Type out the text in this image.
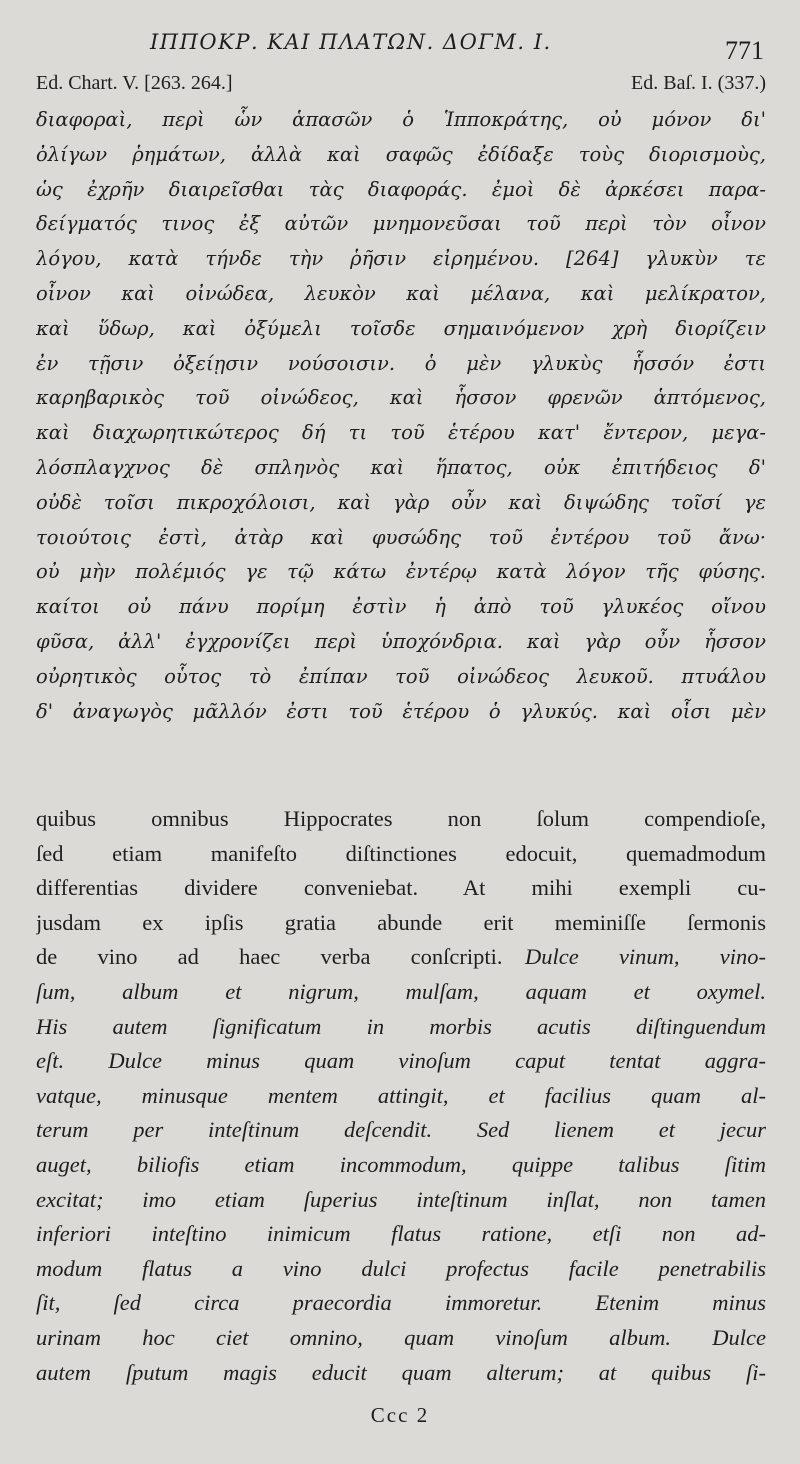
ΙΠΠΟΚΡ. ΚΑΙ ΠΛΑΤΩΝ. ΔΟΓΜ. Ι.	771
Ed. Chart. V. [263. 264.]	Ed. Baſ. I. (337.)
διαφοραὶ, περὶ ὧν ἁπασῶν ὁ Ἱπποκράτης, οὐ μόνον δι'
ὀλίγων ῥημάτων, ἀλλὰ καὶ σαφῶς ἐδίδαξε τοὺς διορισμοὺς,
ὡς ἐχρῆν διαιρεῖσθαι τὰς διαφοράς. ἐμοὶ δὲ ἀρκέσει παρα-
δείγματός τινος ἐξ αὐτῶν μνημονεῦσαι τοῦ περὶ τὸν οἶνον
λόγου, κατὰ τήνδε τὴν ῥῆσιν εἰρημένου. [264] γλυκὺν τε
οἶνον καὶ οἰνώδεα, λευκὸν καὶ μέλανα, καὶ μελίκρατον,
καὶ ὕδωρ, καὶ ὀξύμελι τοῖσδε σημαινόμενον χρὴ διορίζειν
ἐν τῇσιν ὀξείῃσιν νούσοισιν. ὁ μὲν γλυκὺς ἧσσόν ἐστι
καρηβαρικὸς τοῦ οἰνώδεος, καὶ ἧσσον φρενῶν ἁπτόμενος,
καὶ διαχωρητικώτερος δή τι τοῦ ἑτέρου κατ' ἔντερον, μεγα-
λόσπλαγχνος δὲ σπληνὸς καὶ ἥπατος, οὐκ ἐπιτήδειος δ'
οὐδὲ τοῖσι πικροχόλοισι, καὶ γὰρ οὖν καὶ διψώδης τοῖσί γε
τοιούτοις ἐστὶ, ἀτὰρ καὶ φυσώδης τοῦ ἐντέρου τοῦ ἄνω·
οὐ μὴν πολέμιός γε τῷ κάτω ἐντέρῳ κατὰ λόγον τῆς φύσης.
καίτοι οὐ πάνυ πορίμη ἐστὶν ἡ ἀπὸ τοῦ γλυκέος οἴνου
φῦσα, ἀλλ' ἐγχρονίζει περὶ ὑποχόνδρια. καὶ γὰρ οὖν ἧσσον
οὐρητικὸς οὗτος τὸ ἐπίπαν τοῦ οἰνώδεος λευκοῦ. πτυάλου
δ' ἀναγωγὸς μᾶλλόν ἐστι τοῦ ἑτέρου ὁ γλυκύς. καὶ οἷσι μὲν
quibus omnibus Hippocrates non ſolum compendioſe,
ſed etiam manifeſto diſtinctiones edocuit, quemadmodum
differentias dividere conveniebat. At mihi exempli cu-
jusdam ex ipſis gratia abunde erit meminiſſe ſermonis
de vino ad haec verba conſcripti.  Dulce vinum, vino-
ſum, album et nigrum, mulſam, aquam et oxymel.
His autem ſignificatum in morbis acutis diſtinguendum
eſt. Dulce minus quam vinoſum caput tentat aggra-
vatque, minusque mentem attingit, et facilius quam al-
terum per inteſtinum deſcendit. Sed lienem et jecur
auget, biliofis etiam incommodum, quippe talibus ſitim
excitat; imo etiam ſuperius inteſtinum inſlat, non tamen
inferiori inteſtino inimicum flatus ratione, etſi non ad-
modum flatus a vino dulci profectus facile penetrabilis
ſit, ſed circa praecordia immoretur. Etenim minus
urinam hoc ciet omnino, quam vinoſum album. Dulce
autem ſputum magis educit quam alterum; at quibus ſi-
Ccc 2
